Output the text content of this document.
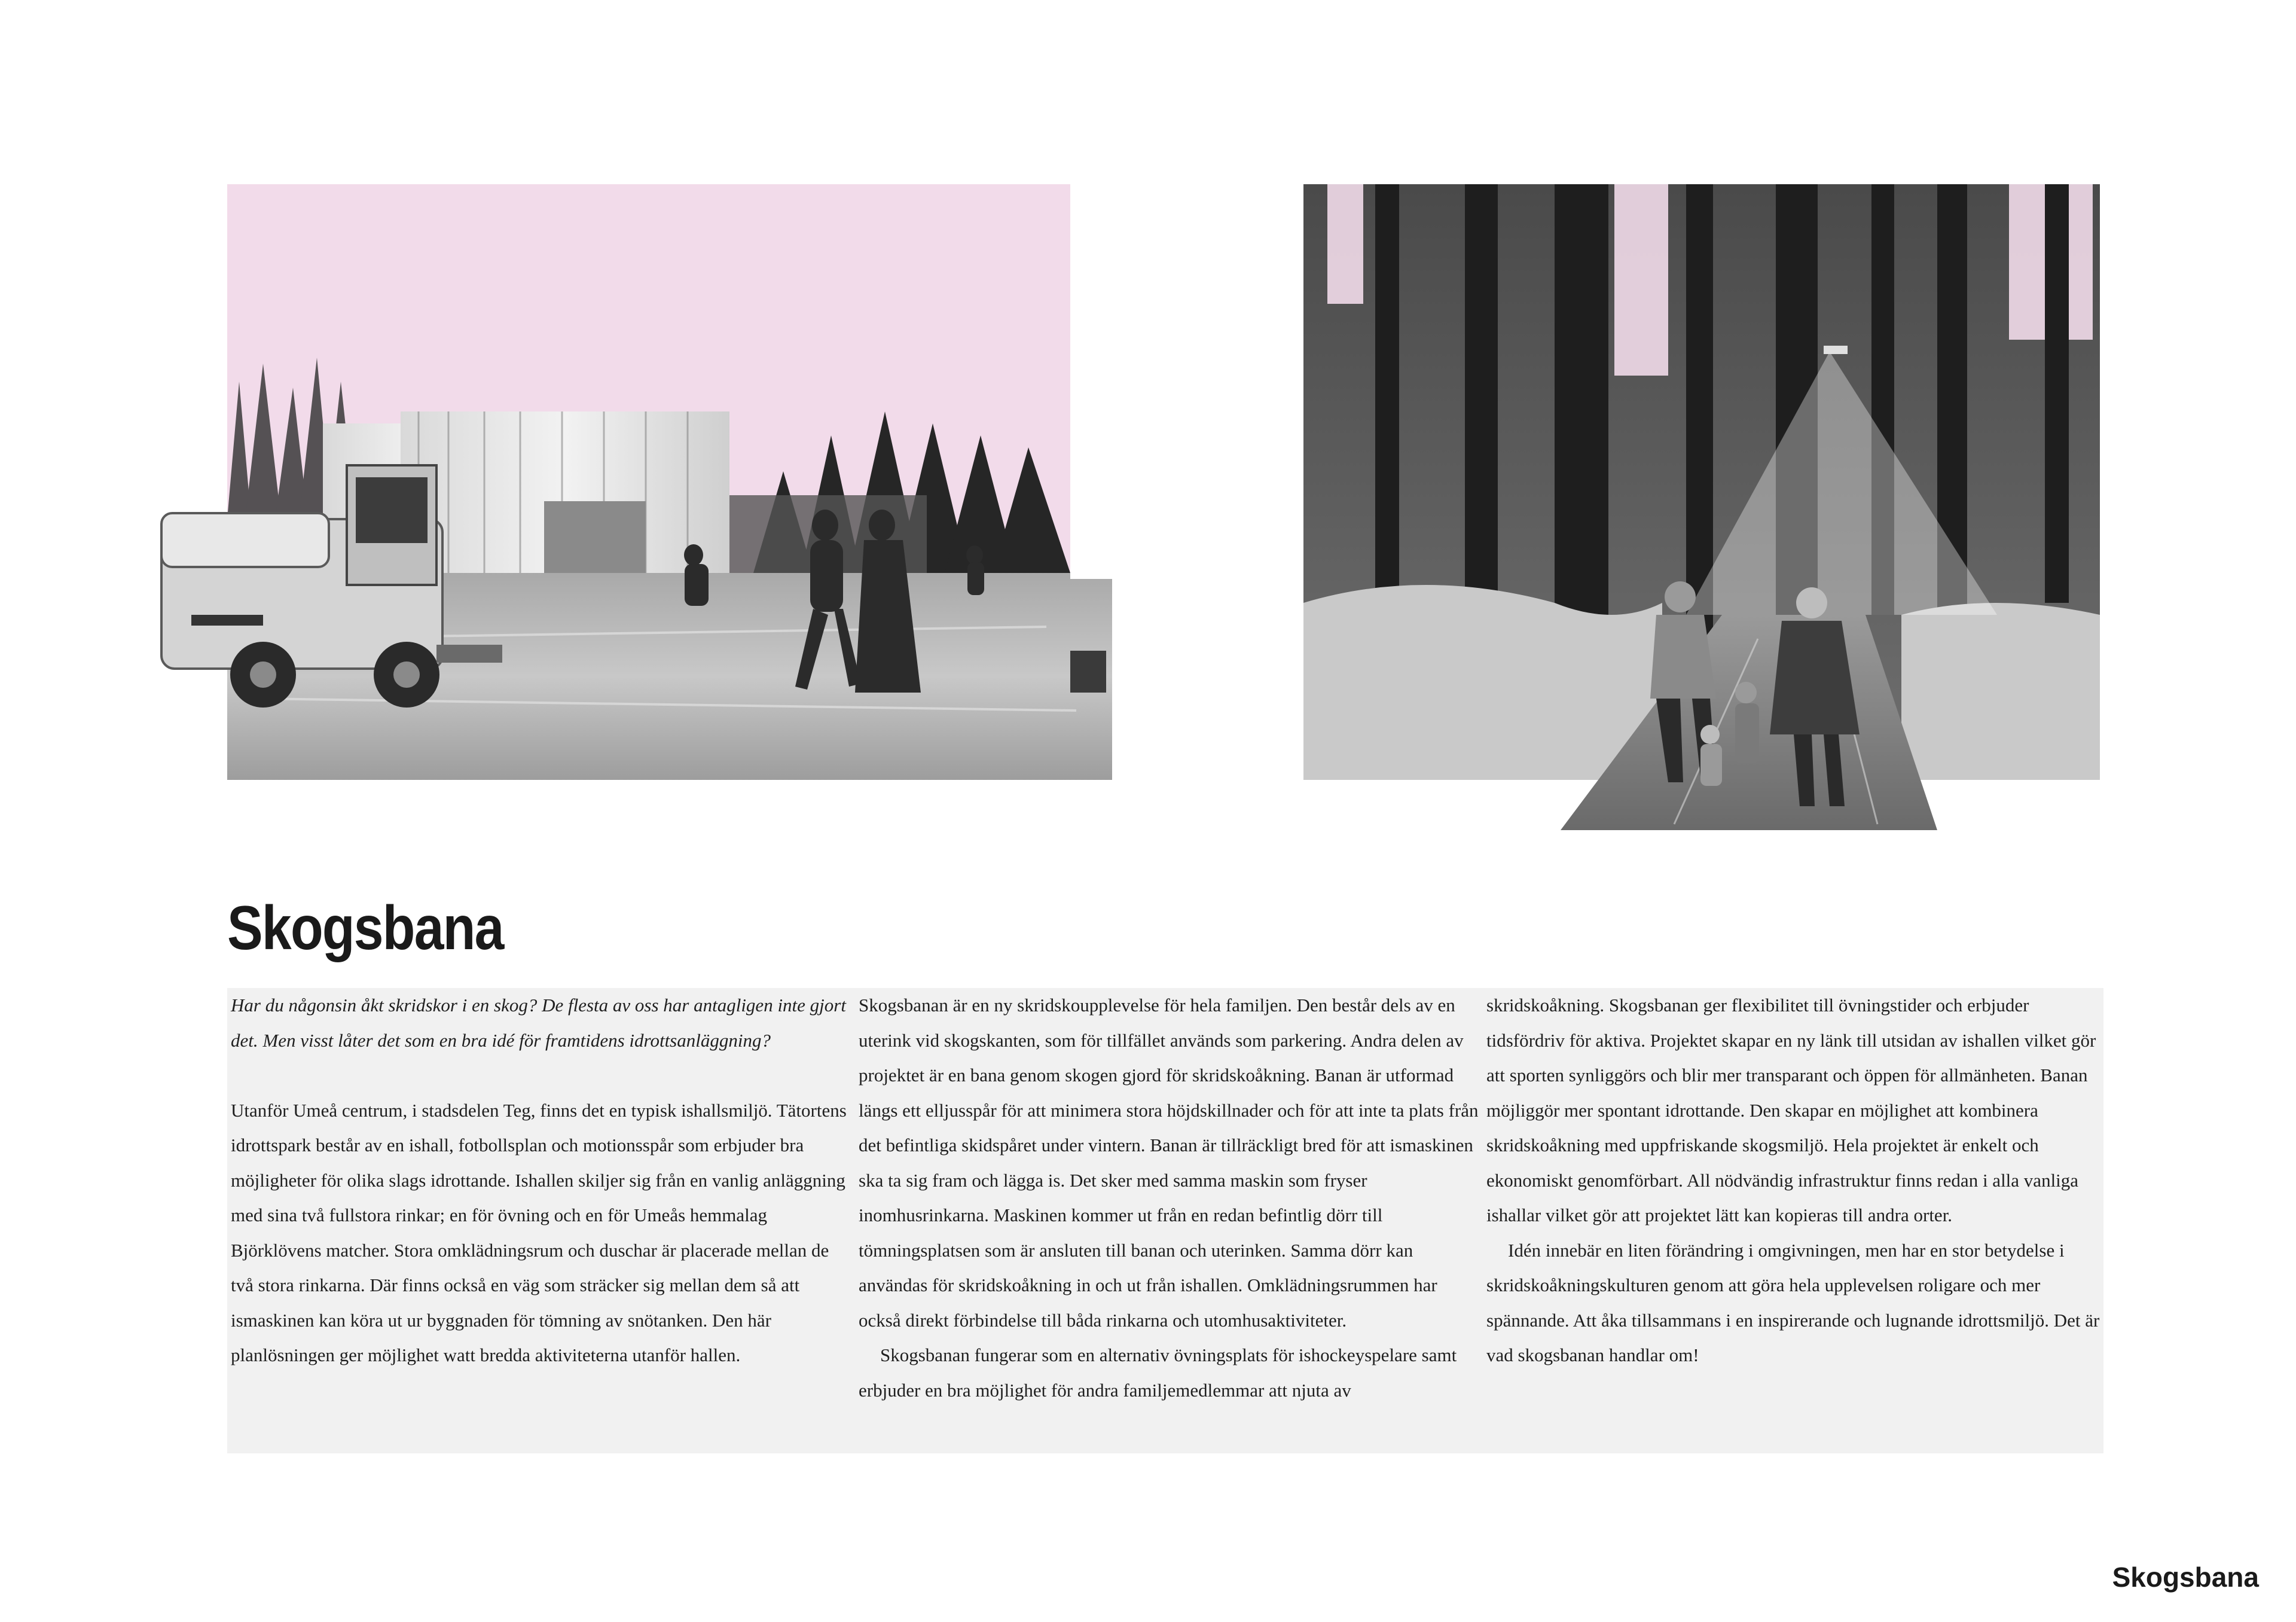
Skogsbana

Har du någonsin åkt skridskor i en skog? De flesta av oss har antagligen inte gjort det. Men visst låter det som en bra idé för framtidens idrottsanläggning?

Utanför Umeå centrum, i stadsdelen Teg, finns det en typisk ishallsmiljö. Tätortens idrottspark består av en ishall, fotbollsplan och motionsspår som erbjuder bra möjligheter för olika slags idrottande. Ishallen skiljer sig från en vanlig anläggning med sina två fullstora rinkar; en för övning och en för Umeås hemmalag Björklövens matcher. Stora omklädningsrum och duschar är placerade mellan de två stora rinkarna. Där finns också en väg som sträcker sig mellan dem så att ismaskinen kan köra ut ur byggnaden för tömning av snötanken. Den här planlösningen ger möjlighet watt bredda aktiviteterna utanför hallen.

Skogsbanan är en ny skridskoupplevelse för hela familjen. Den består dels av en uterink vid skogskanten, som för tillfället används som parkering. Andra delen av projektet är en bana genom skogen gjord för skridskoåkning. Banan är utformad längs ett elljusspår för att minimera stora höjdskillnader och för att inte ta plats från det befintliga skidspåret under vintern. Banan är tillräckligt bred för att ismaskinen ska ta sig fram och lägga is. Det sker med samma maskin som fryser inomhusrinkarna. Maskinen kommer ut från en redan befintlig dörr till tömningsplatsen som är ansluten till banan och uterinken. Samma dörr kan användas för skridskoåkning in och ut från ishallen. Omklädningsrummen har också direkt förbindelse till båda rinkarna och utomhusaktiviteter.

Skogsbanan fungerar som en alternativ övningsplats för ishockeyspelare samt erbjuder en bra möjlighet för andra familjemedlemmar att njuta av

skridskoåkning. Skogsbanan ger flexibilitet till övningstider och erbjuder tidsfördriv för aktiva. Projektet skapar en ny länk till utsidan av ishallen vilket gör att sporten synliggörs och blir mer transparant och öppen för allmänheten. Banan möjliggör mer spontant idrottande. Den skapar en möjlighet att kombinera skridskoåkning med uppfriskande skogsmiljö. Hela projektet är enkelt och ekonomiskt genomförbart. All nödvändig infrastruktur finns redan i alla vanliga ishallar vilket gör att projektet lätt kan kopieras till andra orter.

Idén innebär en liten förändring i omgivningen, men har en stor betydelse i skridskoåkningskulturen genom att göra hela upplevelsen roligare och mer spännande. Att åka tillsammans i en inspirerande och lugnande idrottsmiljö. Det är vad skogsbanan handlar om!

Skogsbana
